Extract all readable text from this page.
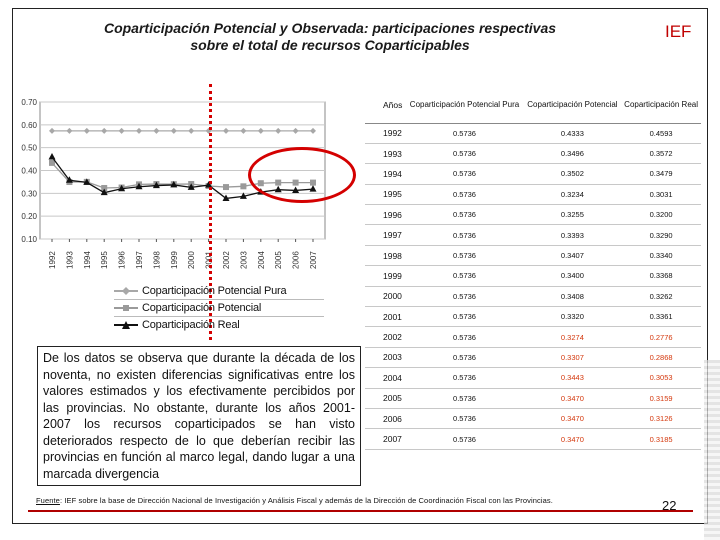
Coparticipación Potencial y Observada: participaciones respectivas
sobre el total de recursos Coparticipables
IEF
0.10
0.20
0.30
0.40
0.50
0.60
0.70
1992 1993 1994 1995 1996 1997 1998 1999 2000 2001 2002 2003 2004 2005 2006 2007
Coparticipación Potencial Pura
Coparticipación Potencial
Coparticipación Real
De los datos se observa que durante la década de los noventa, no existen diferencias significativas entre los valores estimados y los efectivamente percibidos por las provincias. No obstante, durante los años 2001-2007 los recursos coparticipados se han visto deteriorados respecto de lo que deberían recibir las provincias en función al marco legal, dando lugar a una marcada divergencia
Años	Coparticipación Potencial Pura	Coparticipación Potencial	Coparticipación Real
1992	0.5736	0.4333	0.4593
1993	0.5736	0.3496	0.3572
1994	0.5736	0.3502	0.3479
1995	0.5736	0.3234	0.3031
1996	0.5736	0.3255	0.3200
1997	0.5736	0.3393	0.3290
1998	0.5736	0.3407	0.3340
1999	0.5736	0.3400	0.3368
2000	0.5736	0.3408	0.3262
2001	0.5736	0.3320	0.3361
2002	0.5736	0.3274	0.2776
2003	0.5736	0.3307	0.2868
2004	0.5736	0.3443	0.3053
2005	0.5736	0.3470	0.3159
2006	0.5736	0.3470	0.3126
2007	0.5736	0.3470	0.3185
Fuente: IEF sobre la base de Dirección Nacional de Investigación y Análisis Fiscal y además de la Dirección de Coordinación Fiscal con las Provincias.	22
